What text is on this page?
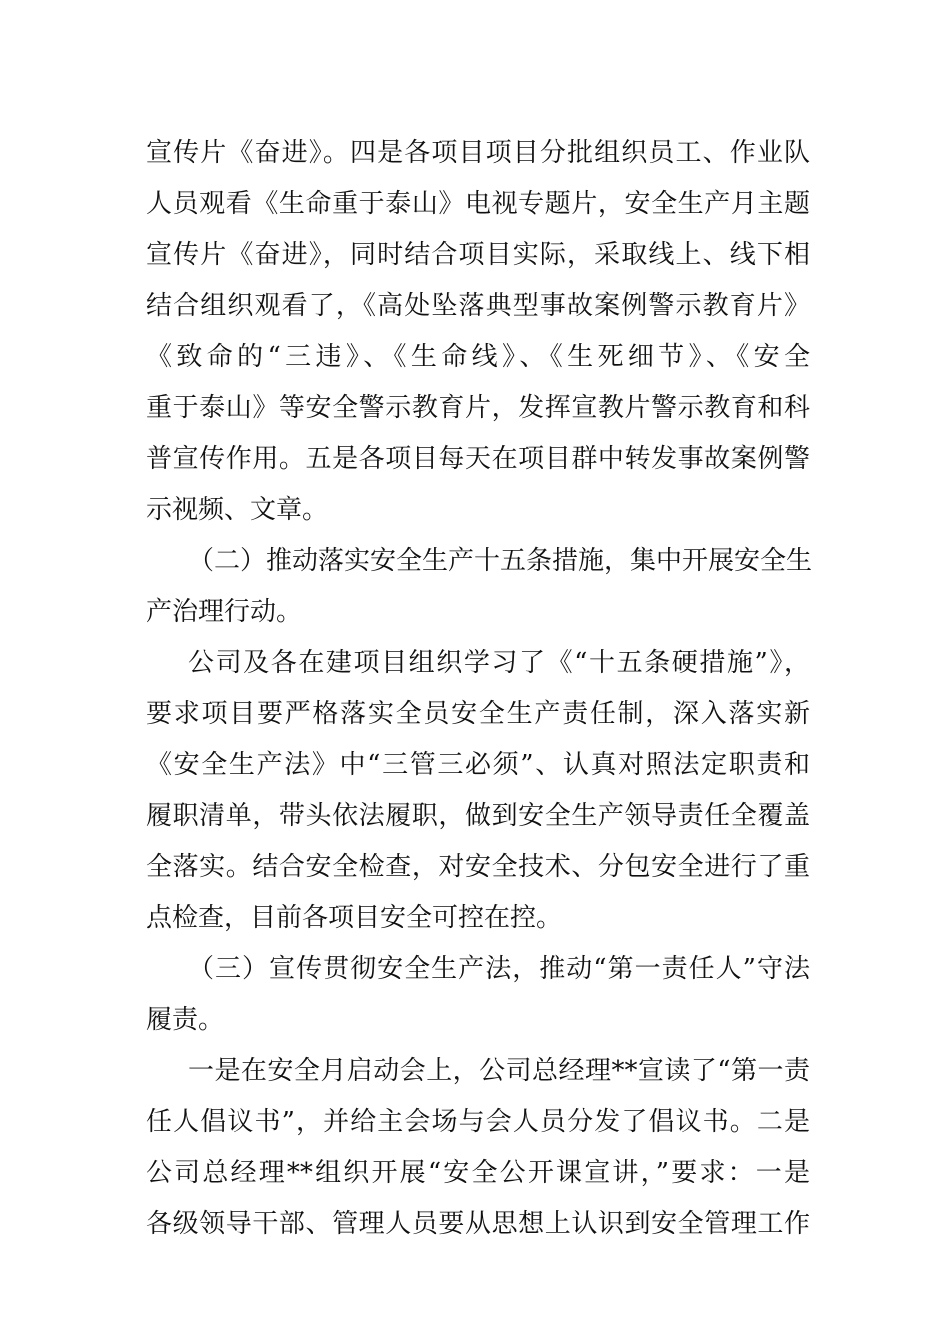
宣传片《奋进》。四是各项目项目分批组织员工、作业队
人员观看《生命重于泰山》电视专题片，安全生产月主题
宣传片《奋进》，同时结合项目实际，采取线上、线下相
结合组织观看了，《高处坠落典型事故案例警示教育片》
《致命的“三违》、《生命线》、《生死细节》、《安全
重于泰山》等安全警示教育片，发挥宣教片警示教育和科
普宣传作用。五是各项目每天在项目群中转发事故案例警
示视频、文章。
（二）推动落实安全生产十五条措施，集中开展安全生
产治理行动。
公司及各在建项目组织学习了《“十五条硬措施”》，
要求项目要严格落实全员安全生产责任制，深入落实新
《安全生产法》中“三管三必须”、认真对照法定职责和
履职清单，带头依法履职，做到安全生产领导责任全覆盖
全落实。结合安全检查，对安全技术、分包安全进行了重
点检查，目前各项目安全可控在控。
（三）宣传贯彻安全生产法，推动“第一责任人”守法
履责。
一是在安全月启动会上，公司总经理**宣读了“第一责
任人倡议书”，并给主会场与会人员分发了倡议书。二是
公司总经理**组织开展“安全公开课宣讲，”要求：一是
各级领导干部、管理人员要从思想上认识到安全管理工作
